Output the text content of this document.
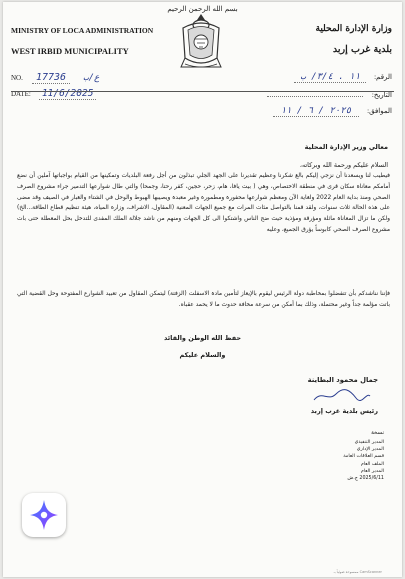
بسم الله الرحمن الرحيم
MINISTRY OF LOCA ADMINISTRATION
WEST IRBID MUNICIPALITY
NO. 17736 ع/ب
DATE: 11/6/2025
وزارة الإدارة المحلية
بلدية غرب إربد
الرقم: ١١ . ٣/٤/ ب
التاريخ:
الموافق: ٢٠٢٥ / ٦ / ١١
معالي وزير الإدارة المحلية
السلام عليكم ورحمة الله وبركاته،
فيطيب لنا ويسعدنا أن نزجي إليكم بالغ شكرنا وعظيم تقديرنا على الجهد الجلي تبذلون من أجل رفعة البلديات وتمكينها من القيام بواجباتها آملين أن نضع أمامكم معاناة سكان قرى في منطقة الاختصاص، وهي ( بيت يافا، هام، زحر، حجين، كفر رحتا، وجمحا) والتي طال شوارعها التدمير جراء مشروع الصرف الصحي ومنذ بداية العام 2022 ولغاية الآن ومعظم شوارعها محفورة ومطمورة وغير معبدة ويصيبها الهبوط والوحل في الشتاء والغبار في الصيف وقد مضى على هذه الحالة ثلاث سنوات، ولقد قمنا بالتواصل مئات المرات مع جميع الجهات المعنية (المقاول، الاشراف، وزارة المياه، هيئة تنظيم قطاع الطاقة...الخ) ولكن ما تزال المعاناة ماثلة ومؤرقة ومؤذية حيث ضج الناس واشتكوا الى كل الجهات ومنهم من ناشد جلالة الملك المفدى للتدخل بحل المعطلة حتى بات مشروع الصرف الصحي كابوساً يؤرق الجميع، وعليه
فإننا نناشدكم بأن تتفضلوا بمخاطبة دولة الرئيس ليقوم بالإيعاز لتأمين مادة الاسفلت (الزفتة) ليتمكن المقاول من تعبيد الشوارع المفتوحة وحل القضية التي باتت مؤلمة جداً وغير محتملة، وذلك بما أمكن من سرعة مخافة حدوث ما لا يحمد عقباه.
حفظ الله الوطن والقائد
والسلام عليكم
جمال محمود البطاينة
رئيس بلدية غرب إربد
نسخة
المدير التنفيذي
المدير الإداري
قسم العلاقات العامة
الملف العام
المدير العام
2025/6/11 ج.ش
ممسوحة ضوئياً بـ CamScanner
